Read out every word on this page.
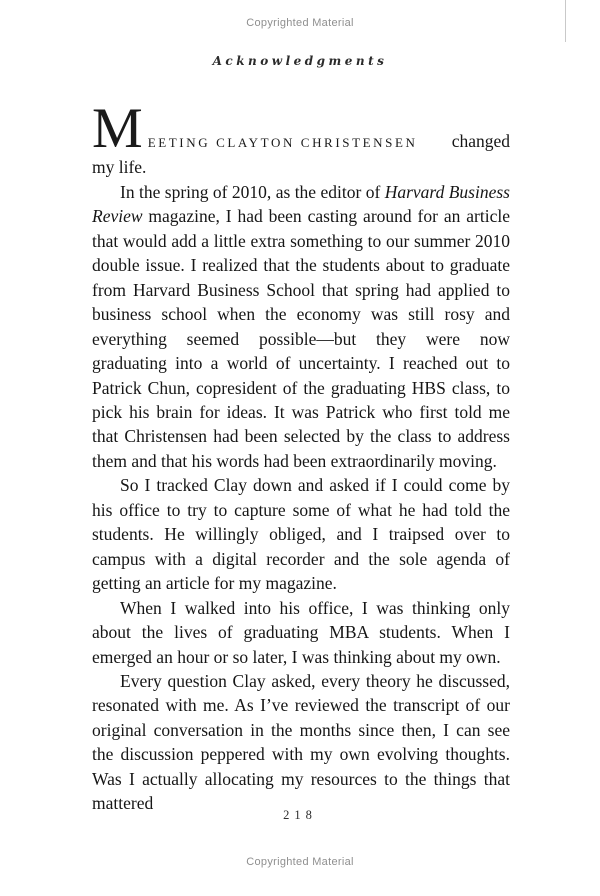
Copyrighted Material
Acknowledgments

M EETING CLAYTON CHRISTENSEN changed
my life.

In the spring of 2010, as the editor of Harvard Business Review magazine, I had been casting around for an article that would add a little extra something to our summer 2010 double issue. I realized that the students about to graduate from Harvard Business School that spring had applied to business school when the economy was still rosy and everything seemed possible—but they were now graduating into a world of uncertainty. I reached out to Patrick Chun, copresident of the graduating HBS class, to pick his brain for ideas. It was Patrick who first told me that Christensen had been selected by the class to address them and that his words had been extraordinarily moving.

So I tracked Clay down and asked if I could come by his office to try to capture some of what he had told the students. He willingly obliged, and I traipsed over to campus with a digital recorder and the sole agenda of getting an article for my magazine.

When I walked into his office, I was thinking only about the lives of graduating MBA students. When I emerged an hour or so later, I was thinking about my own.

Every question Clay asked, every theory he discussed, resonated with me. As I’ve reviewed the transcript of our original conversation in the months since then, I can see the discussion peppered with my own evolving thoughts. Was I actually allocating my resources to the things that mattered

218
Copyrighted Material
